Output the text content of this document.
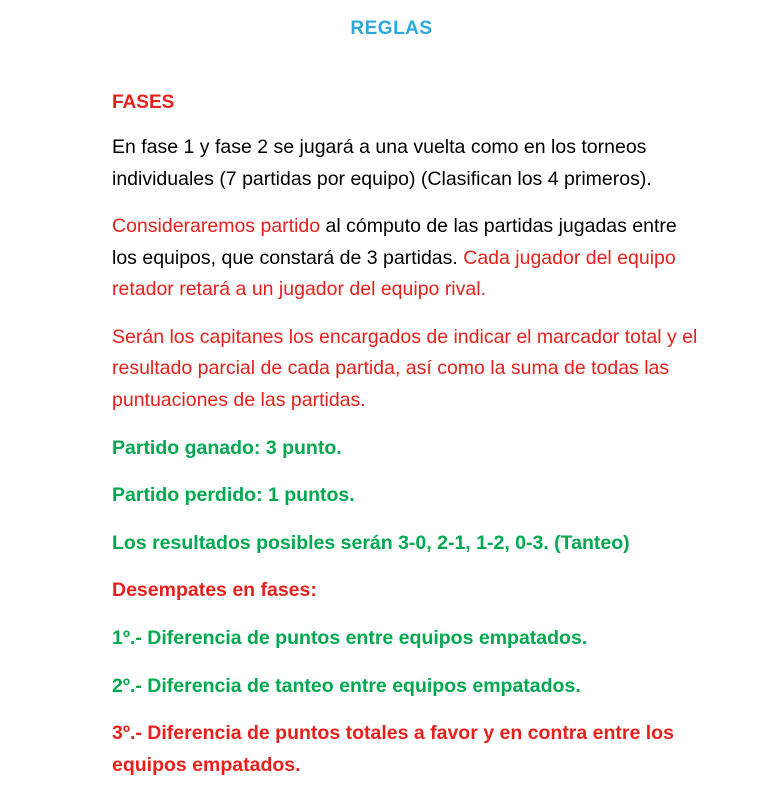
REGLAS
FASES

En fase 1 y fase 2 se jugará a una vuelta como en los torneos individuales (7 partidas por equipo) (Clasifican los 4 primeros).

Consideraremos partido al cómputo de las partidas jugadas entre los equipos, que constará de 3 partidas. Cada jugador del equipo retador retará a un jugador del equipo rival.

Serán los capitanes los encargados de indicar el marcador total y el resultado parcial de cada partida, así como la suma de todas las puntuaciones de las partidas.

Partido ganado: 3 punto.

Partido perdido: 1 puntos.

Los resultados posibles serán 3-0, 2-1, 1-2, 0-3. (Tanteo)

Desempates en fases:

1º.- Diferencia de puntos entre equipos empatados.

2º.- Diferencia de tanteo entre equipos empatados.

3º.- Diferencia de puntos totales a favor y en contra entre los equipos empatados.
